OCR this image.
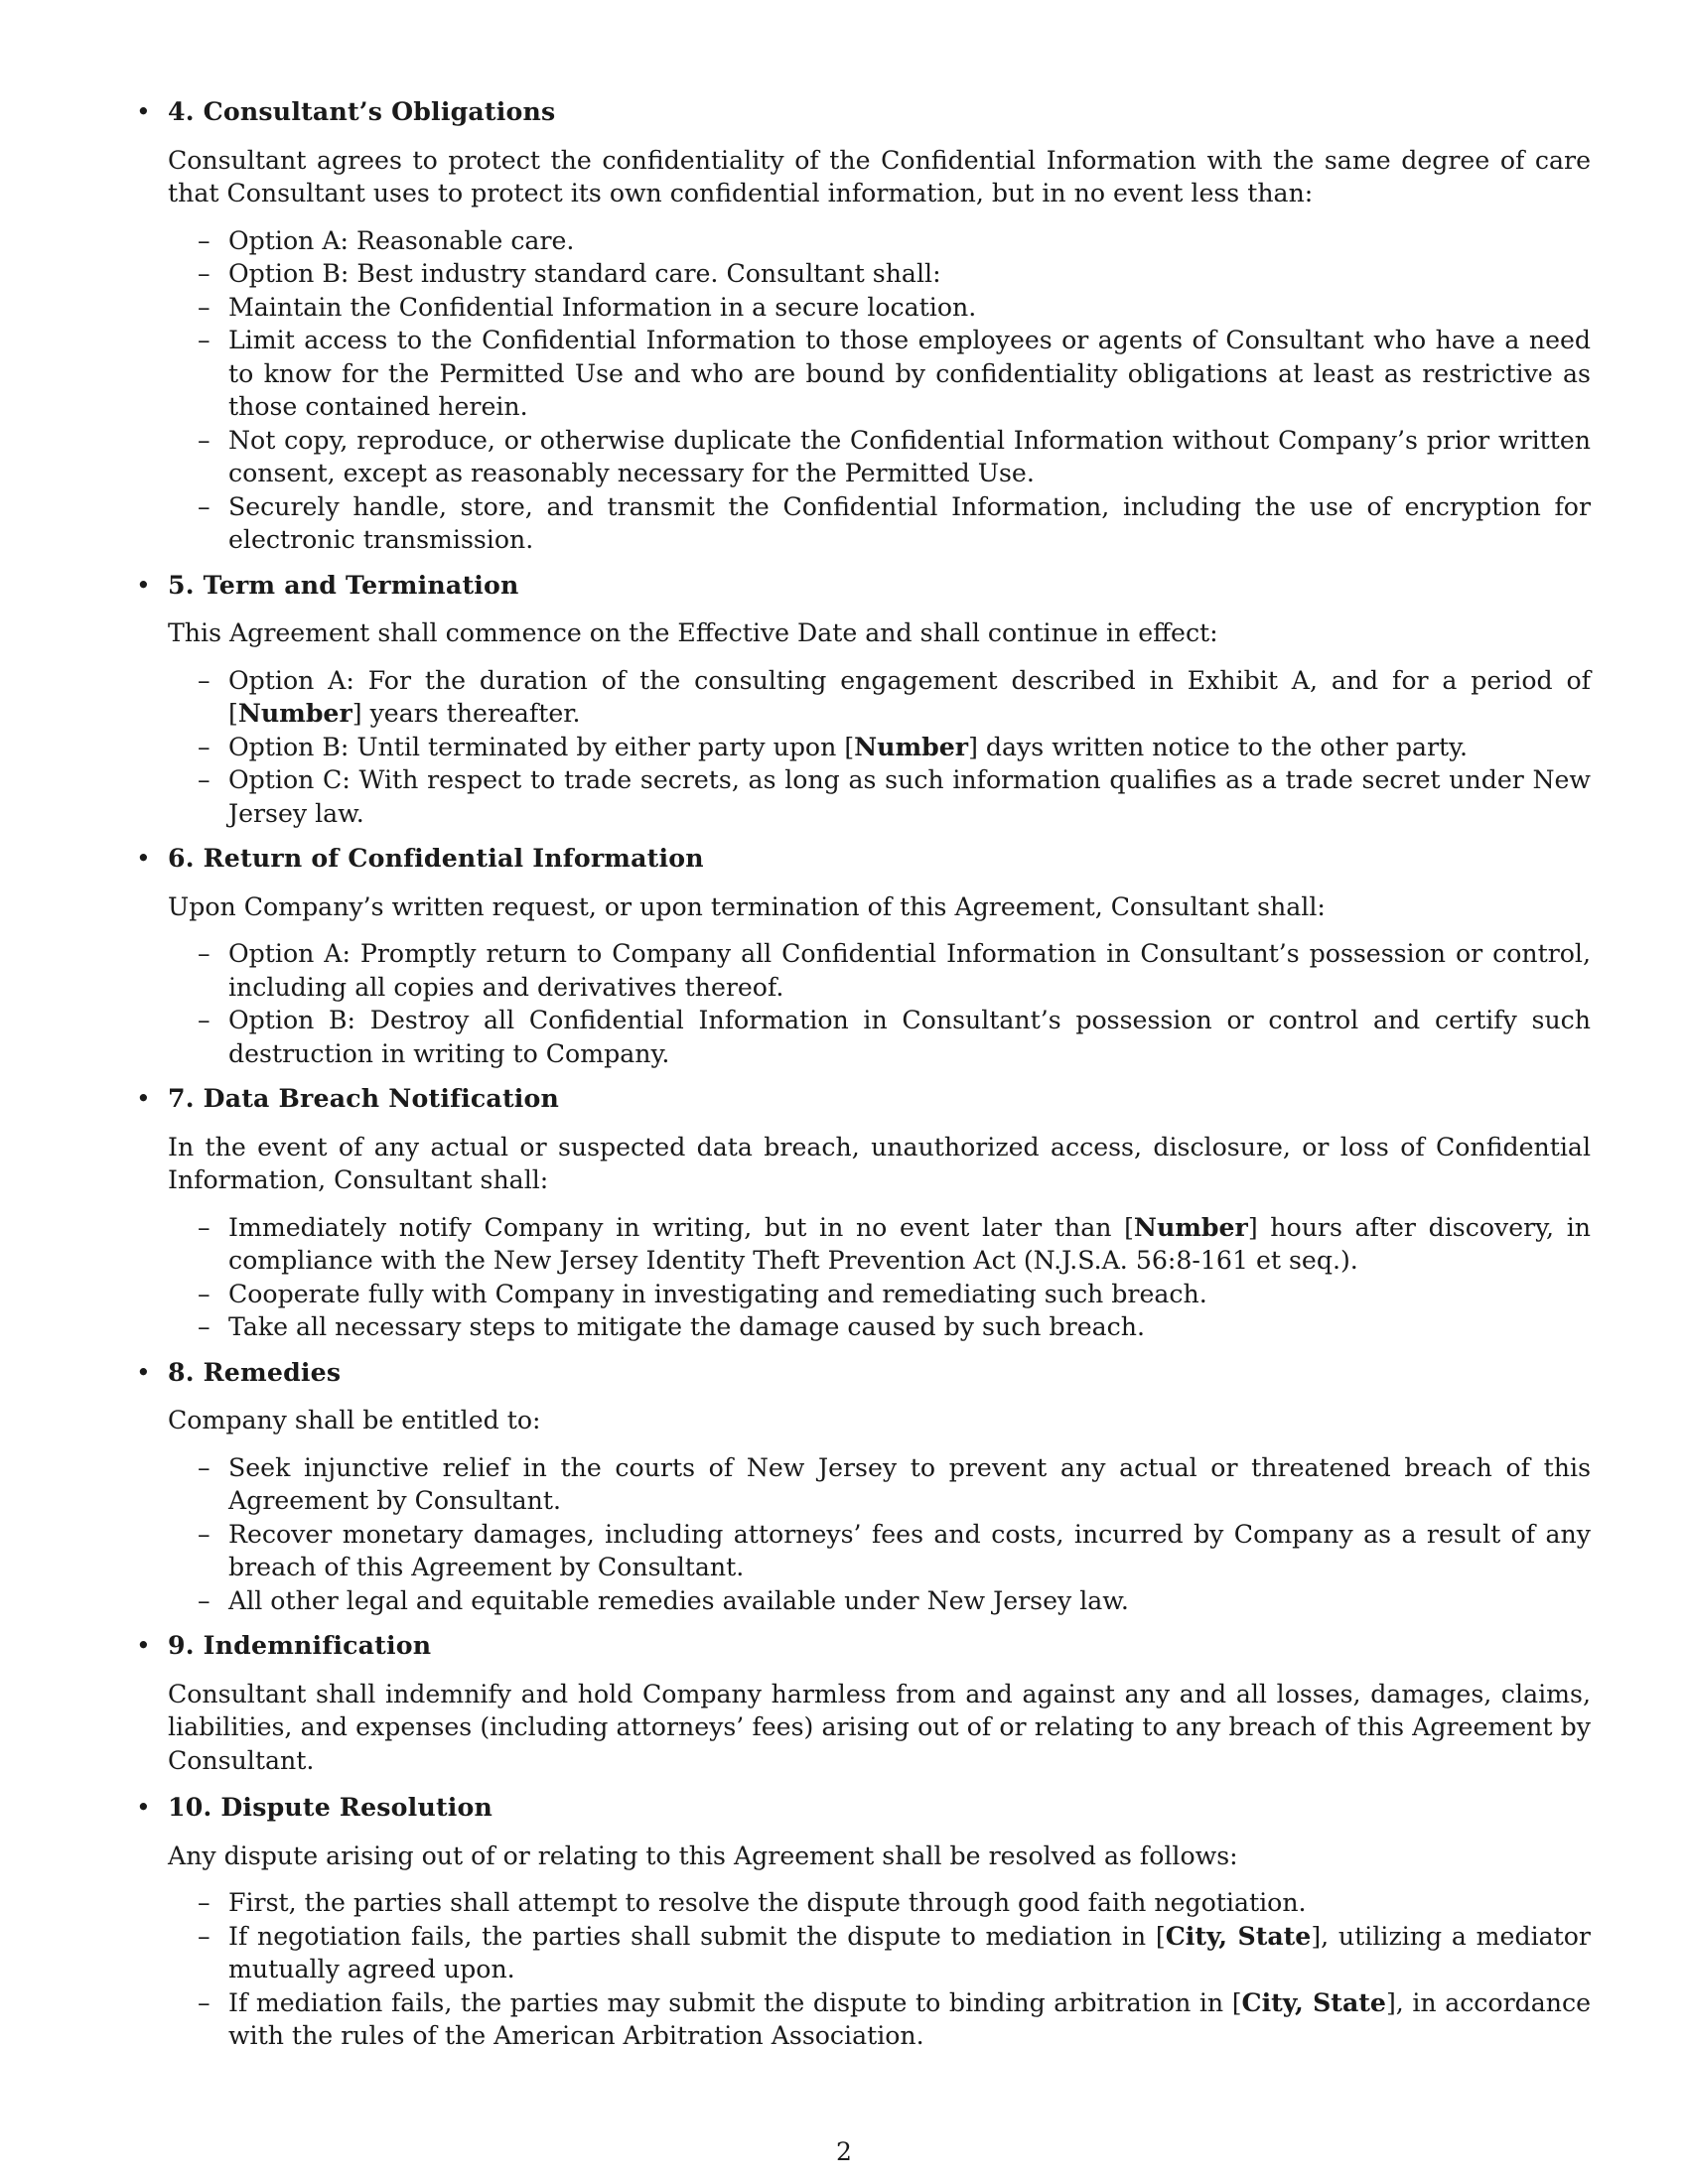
• 4. Consultant’s Obligations
Consultant agrees to protect the confidentiality of the Confidential Information with the same degree of care that Consultant uses to protect its own confidential information, but in no event less than:
– Option A: Reasonable care.
– Option B: Best industry standard care. Consultant shall:
– Maintain the Confidential Information in a secure location.
– Limit access to the Confidential Information to those employees or agents of Consultant who have a need to know for the Permitted Use and who are bound by confidentiality obligations at least as restrictive as those contained herein.
– Not copy, reproduce, or otherwise duplicate the Confidential Information without Company’s prior written consent, except as reasonably necessary for the Permitted Use.
– Securely handle, store, and transmit the Confidential Information, including the use of encryption for electronic transmission.
• 5. Term and Termination
This Agreement shall commence on the Effective Date and shall continue in effect:
– Option A: For the duration of the consulting engagement described in Exhibit A, and for a period of [Number] years thereafter.
– Option B: Until terminated by either party upon [Number] days written notice to the other party.
– Option C: With respect to trade secrets, as long as such information qualifies as a trade secret under New Jersey law.
• 6. Return of Confidential Information
Upon Company’s written request, or upon termination of this Agreement, Consultant shall:
– Option A: Promptly return to Company all Confidential Information in Consultant’s possession or control, including all copies and derivatives thereof.
– Option B: Destroy all Confidential Information in Consultant’s possession or control and certify such destruction in writing to Company.
• 7. Data Breach Notification
In the event of any actual or suspected data breach, unauthorized access, disclosure, or loss of Confidential Information, Consultant shall:
– Immediately notify Company in writing, but in no event later than [Number] hours after discovery, in compliance with the New Jersey Identity Theft Prevention Act (N.J.S.A. 56:8-161 et seq.).
– Cooperate fully with Company in investigating and remediating such breach.
– Take all necessary steps to mitigate the damage caused by such breach.
• 8. Remedies
Company shall be entitled to:
– Seek injunctive relief in the courts of New Jersey to prevent any actual or threatened breach of this Agreement by Consultant.
– Recover monetary damages, including attorneys’ fees and costs, incurred by Company as a result of any breach of this Agreement by Consultant.
– All other legal and equitable remedies available under New Jersey law.
• 9. Indemnification
Consultant shall indemnify and hold Company harmless from and against any and all losses, damages, claims, liabilities, and expenses (including attorneys’ fees) arising out of or relating to any breach of this Agreement by Consultant.
• 10. Dispute Resolution
Any dispute arising out of or relating to this Agreement shall be resolved as follows:
– First, the parties shall attempt to resolve the dispute through good faith negotiation.
– If negotiation fails, the parties shall submit the dispute to mediation in [City, State], utilizing a mediator mutually agreed upon.
– If mediation fails, the parties may submit the dispute to binding arbitration in [City, State], in accordance with the rules of the American Arbitration Association.
2
